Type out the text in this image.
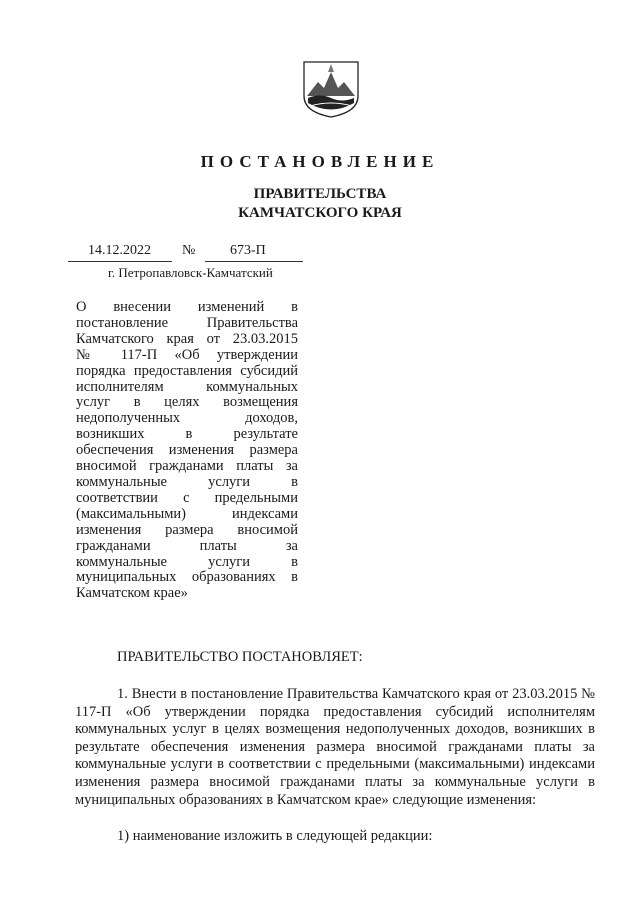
ПОСТАНОВЛЕНИЕ
ПРАВИТЕЛЬСТВА
КАМЧАТСКОГО КРАЯ
14.12.2022 № 673-П
г. Петропавловск-Камчатский
О внесении изменений в
постановление Правительства
Камчатского края от 23.03.2015
№ 117-П «Об утверждении
порядка предоставления субсидий
исполнителям коммунальных
услуг в целях возмещения
недополученных доходов,
возникших в результате
обеспечения изменения размера
вносимой гражданами платы за
коммунальные услуги в
соответствии с предельными
(максимальными) индексами
изменения размера вносимой
гражданами платы за
коммунальные услуги в
муниципальных образованиях в
Камчатском крае»
ПРАВИТЕЛЬСТВО ПОСТАНОВЛЯЕТ:
1. Внести в постановление Правительства Камчатского края от 23.03.2015 № 117-П «Об утверждении порядка предоставления субсидий исполнителям коммунальных услуг в целях возмещения недополученных доходов, возникших в результате обеспечения изменения размера вносимой гражданами платы за коммунальные услуги в соответствии с предельными (максимальными) индексами изменения размера вносимой гражданами платы за коммунальные услуги в муниципальных образованиях в Камчатском крае» следующие изменения:
1) наименование изложить в следующей редакции:
